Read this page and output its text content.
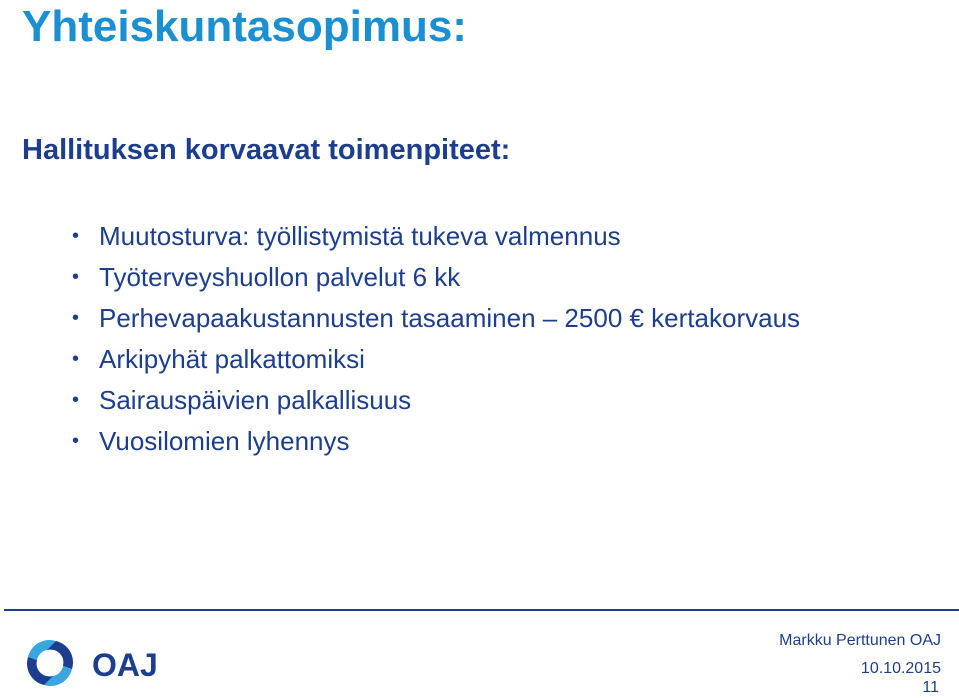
Yhteiskuntasopimus:
Hallituksen korvaavat toimenpiteet:
• Muutosturva: työllistymistä tukeva valmennus
• Työterveyshuollon palvelut 6 kk
• Perhevapaakustannusten tasaaminen – 2500 € kertakorvaus
• Arkipyhät palkattomiksi
• Sairauspäivien palkallisuus
• Vuosilomien lyhennys
OAJ
Markku Perttunen OAJ
10.10.2015
11
